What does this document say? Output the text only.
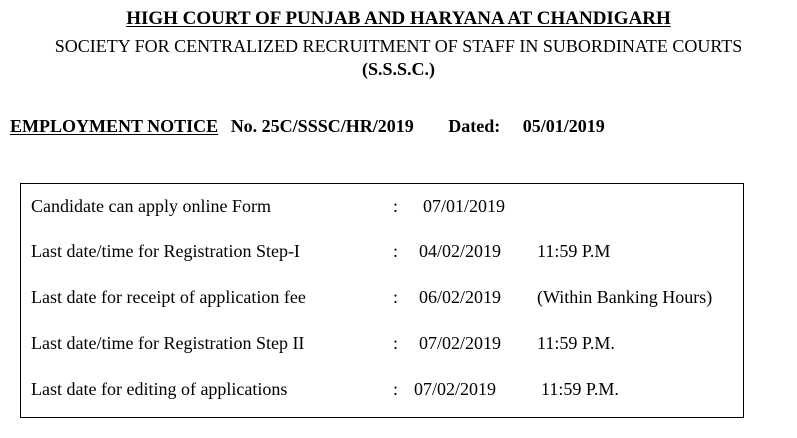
HIGH COURT OF PUNJAB AND HARYANA AT CHANDIGARH
SOCIETY FOR CENTRALIZED RECRUITMENT OF STAFF IN SUBORDINATE COURTS
(S.S.S.C.)
EMPLOYMENT NOTICE No. 25C/SSSC/HR/2019 Dated: 05/01/2019
Candidate can apply online Form	: 07/01/2019
Last date/time for Registration Step-I	: 04/02/2019 11:59 P.M
Last date for receipt of application fee	: 06/02/2019 (Within Banking Hours)
Last date/time for Registration Step II	: 07/02/2019 11:59 P.M.
Last date for editing of applications	: 07/02/2019 11:59 P.M.
